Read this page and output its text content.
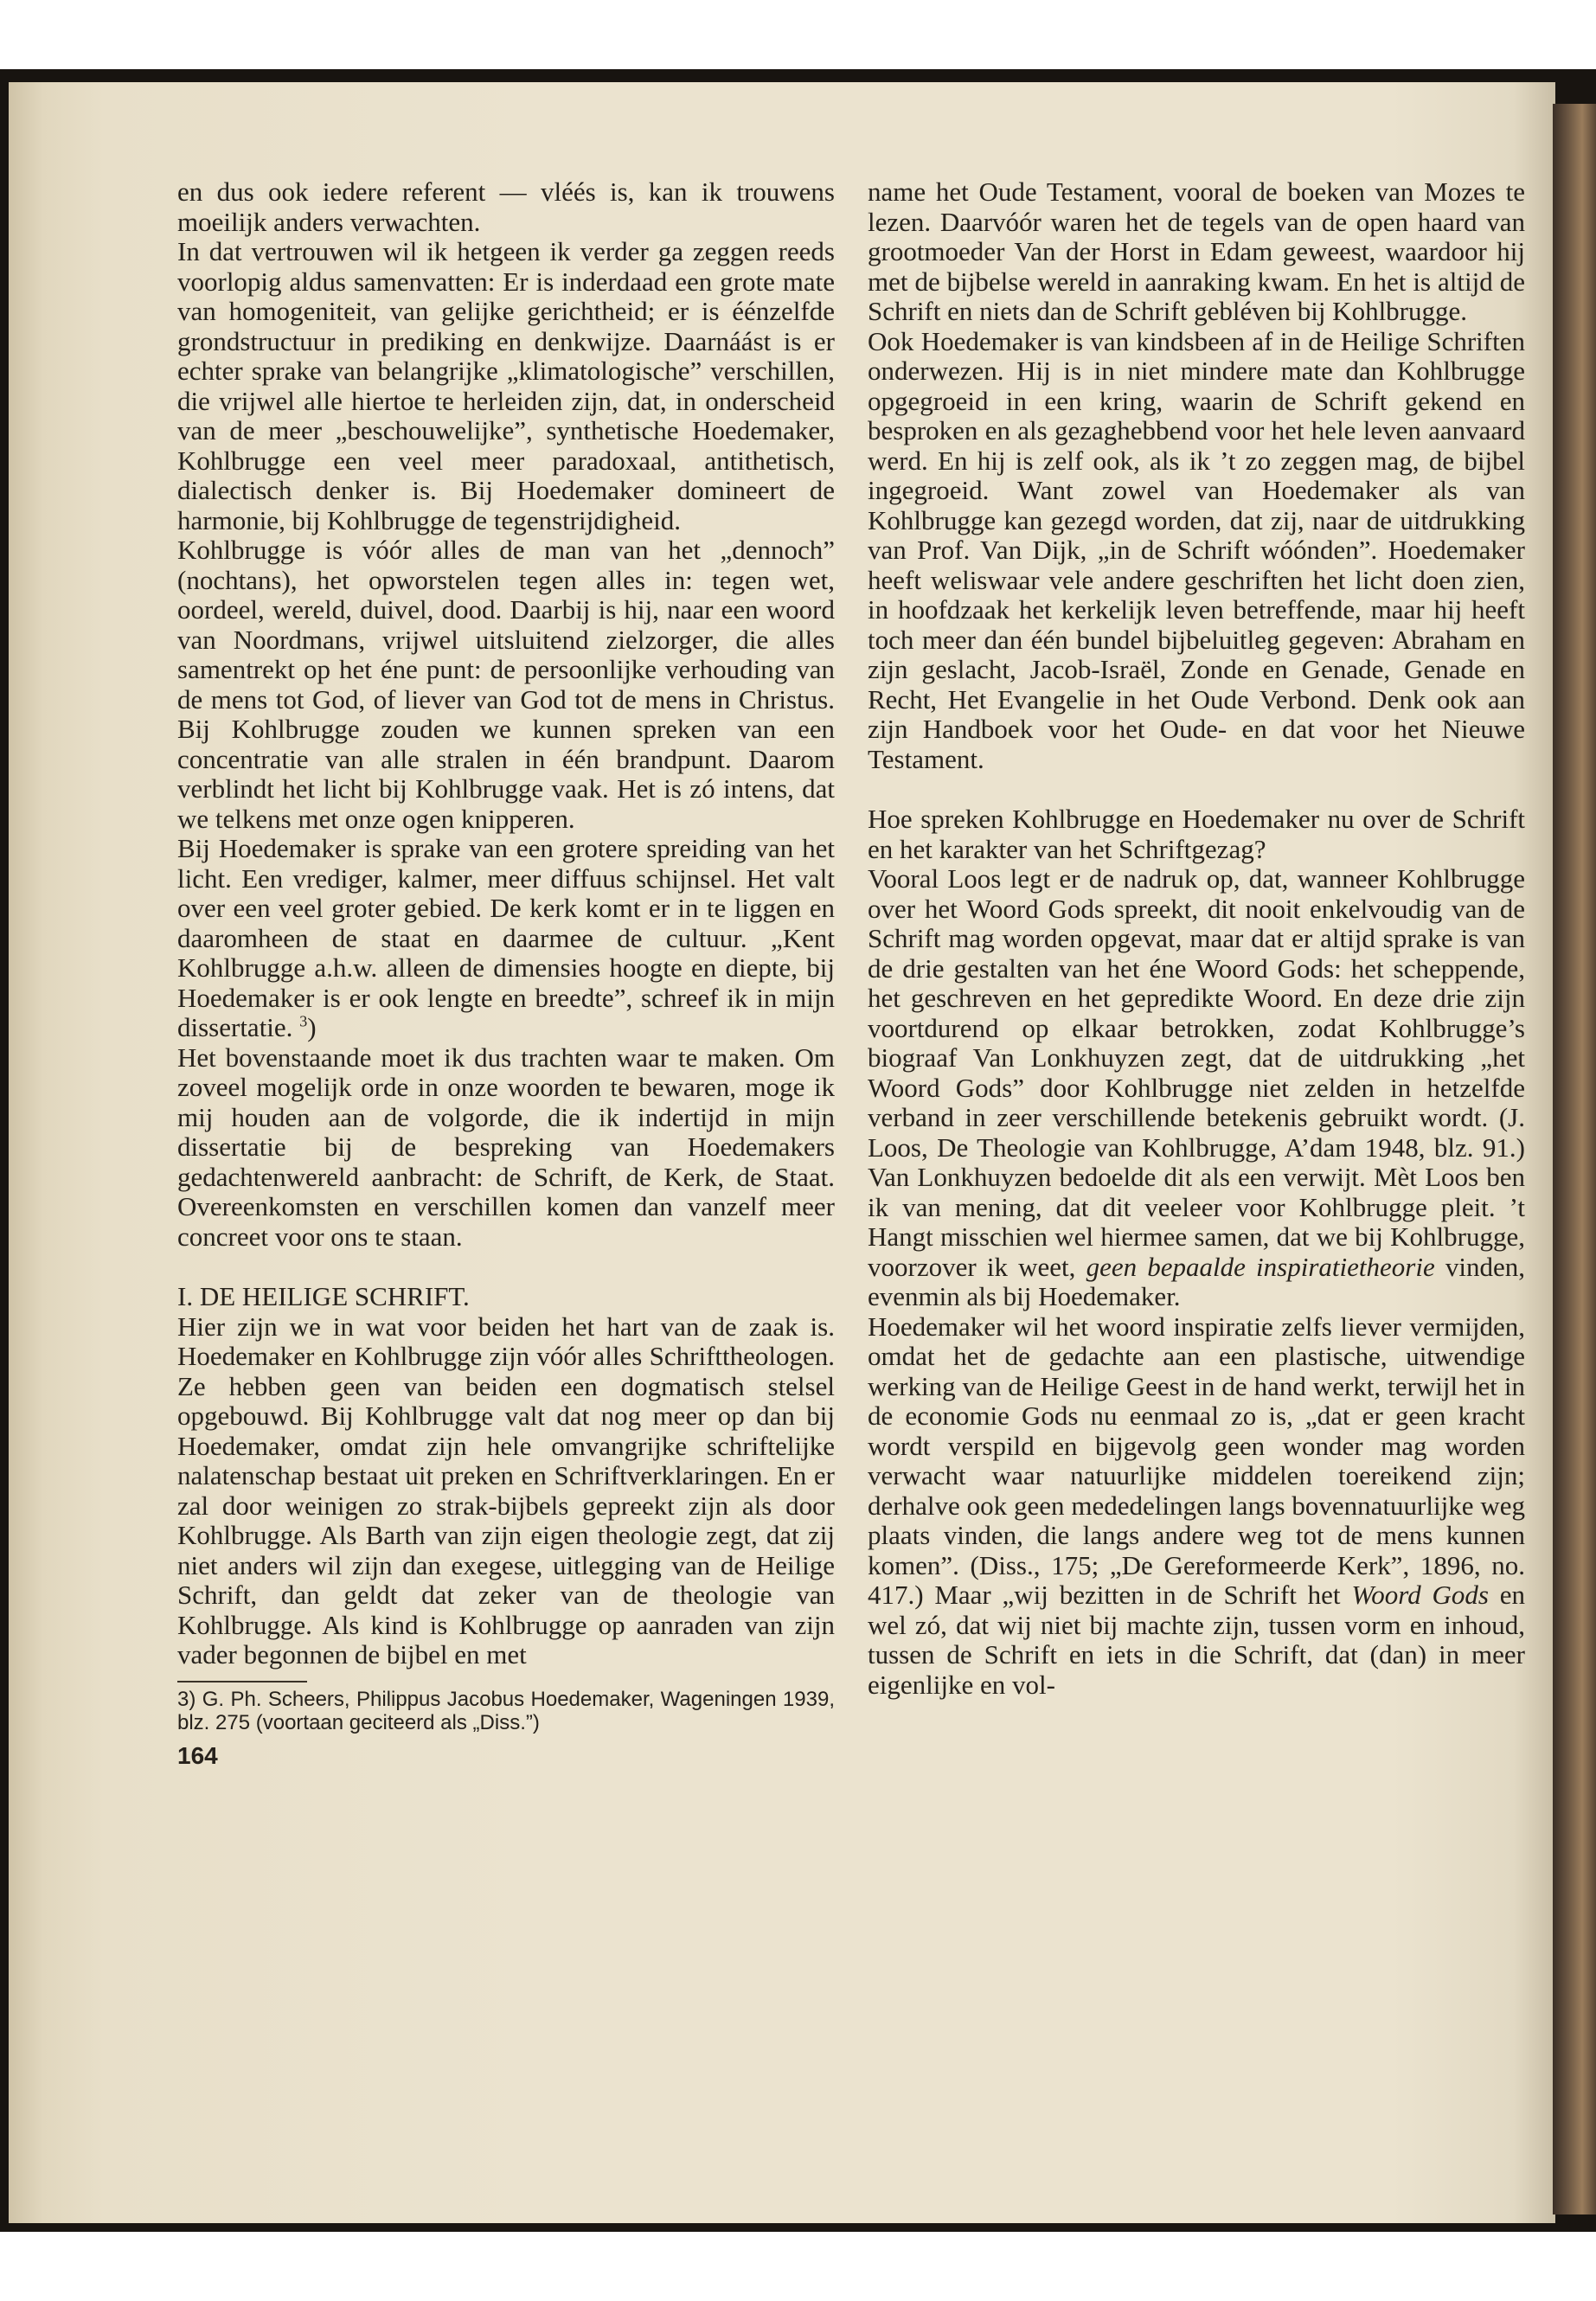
en dus ook iedere referent — vléés is, kan ik trouwens moeilijk anders verwachten.

In dat vertrouwen wil ik hetgeen ik verder ga zeggen reeds voorlopig aldus samenvatten: Er is inderdaad een grote mate van homogeniteit, van gelijke gerichtheid; er is éénzelfde grondstructuur in prediking en denkwijze. Daarnáást is er echter sprake van belangrijke „klimatologische” verschillen, die vrijwel alle hiertoe te herleiden zijn, dat, in onderscheid van de meer „beschouwelijke”, synthetische Hoedemaker, Kohlbrugge een veel meer paradoxaal, antithetisch, dialectisch denker is. Bij Hoedemaker domineert de harmonie, bij Kohlbrugge de tegenstrijdigheid.

Kohlbrugge is vóór alles de man van het „dennoch” (nochtans), het opworstelen tegen alles in: tegen wet, oordeel, wereld, duivel, dood. Daarbij is hij, naar een woord van Noordmans, vrijwel uitsluitend zielzorger, die alles samentrekt op het éne punt: de persoonlijke verhouding van de mens tot God, of liever van God tot de mens in Christus. Bij Kohlbrugge zouden we kunnen spreken van een concentratie van alle stralen in één brandpunt. Daarom verblindt het licht bij Kohlbrugge vaak. Het is zó intens, dat we telkens met onze ogen knipperen.

Bij Hoedemaker is sprake van een grotere spreiding van het licht. Een vrediger, kalmer, meer diffuus schijnsel. Het valt over een veel groter gebied. De kerk komt er in te liggen en daaromheen de staat en daarmee de cultuur. „Kent Kohlbrugge a.h.w. alleen de dimensies hoogte en diepte, bij Hoedemaker is er ook lengte en breedte”, schreef ik in mijn dissertatie. $^3$)

Het bovenstaande moet ik dus trachten waar te maken. Om zoveel mogelijk orde in onze woorden te bewaren, moge ik mij houden aan de volgorde, die ik indertijd in mijn dissertatie bij de bespreking van Hoedemakers gedachtenwereld aanbracht: de Schrift, de Kerk, de Staat. Overeenkomsten en verschillen komen dan vanzelf meer concreet voor ons te staan.

I. DE HEILIGE SCHRIFT.

Hier zijn we in wat voor beiden het hart van de zaak is. Hoedemaker en Kohlbrugge zijn vóór alles Schrifttheologen. Ze hebben geen van beiden een dogmatisch stelsel opgebouwd. Bij Kohlbrugge valt dat nog meer op dan bij Hoedemaker, omdat zijn hele omvangrijke schriftelijke nalatenschap bestaat uit preken en Schriftverklaringen. En er zal door weinigen zo strak-bijbels gepreekt zijn als door Kohlbrugge. Als Barth van zijn eigen theologie zegt, dat zij niet anders wil zijn dan exegese, uitlegging van de Heilige Schrift, dan geldt dat zeker van de theologie van Kohlbrugge. Als kind is Kohlbrugge op aanraden van zijn vader begonnen de bijbel en met

3) G. Ph. Scheers, Philippus Jacobus Hoedemaker, Wageningen 1939, blz. 275 (voortaan geciteerd als „Diss.”)

164

name het Oude Testament, vooral de boeken van Mozes te lezen. Daarvóór waren het de tegels van de open haard van grootmoeder Van der Horst in Edam geweest, waardoor hij met de bijbelse wereld in aanraking kwam. En het is altijd de Schrift en niets dan de Schrift gebléven bij Kohlbrugge.

Ook Hoedemaker is van kindsbeen af in de Heilige Schriften onderwezen. Hij is in niet mindere mate dan Kohlbrugge opgegroeid in een kring, waarin de Schrift gekend en besproken en als gezaghebbend voor het hele leven aanvaard werd. En hij is zelf ook, als ik ’t zo zeggen mag, de bijbel ingegroeid. Want zowel van Hoedemaker als van Kohlbrugge kan gezegd worden, dat zij, naar de uitdrukking van Prof. Van Dijk, „in de Schrift wóónden”. Hoedemaker heeft weliswaar vele andere geschriften het licht doen zien, in hoofdzaak het kerkelijk leven betreffende, maar hij heeft toch meer dan één bundel bijbeluitleg gegeven: Abraham en zijn geslacht, Jacob-Israël, Zonde en Genade, Genade en Recht, Het Evangelie in het Oude Verbond. Denk ook aan zijn Handboek voor het Oude- en dat voor het Nieuwe Testament.

Hoe spreken Kohlbrugge en Hoedemaker nu over de Schrift en het karakter van het Schriftgezag?

Vooral Loos legt er de nadruk op, dat, wanneer Kohlbrugge over het Woord Gods spreekt, dit nooit enkelvoudig van de Schrift mag worden opgevat, maar dat er altijd sprake is van de drie gestalten van het éne Woord Gods: het scheppende, het geschreven en het gepredikte Woord. En deze drie zijn voortdurend op elkaar betrokken, zodat Kohlbrugge’s biograaf Van Lonkhuyzen zegt, dat de uitdrukking „het Woord Gods” door Kohlbrugge niet zelden in hetzelfde verband in zeer verschillende betekenis gebruikt wordt. (J. Loos, De Theologie van Kohlbrugge, A’dam 1948, blz. 91.) Van Lonkhuyzen bedoelde dit als een verwijt. Mèt Loos ben ik van mening, dat dit veeleer voor Kohlbrugge pleit. ’t Hangt misschien wel hiermee samen, dat we bij Kohlbrugge, voorzover ik weet, geen bepaalde inspiratietheorie vinden, evenmin als bij Hoedemaker.

Hoedemaker wil het woord inspiratie zelfs liever vermijden, omdat het de gedachte aan een plastische, uitwendige werking van de Heilige Geest in de hand werkt, terwijl het in de economie Gods nu eenmaal zo is, „dat er geen kracht wordt verspild en bijgevolg geen wonder mag worden verwacht waar natuurlijke middelen toereikend zijn; derhalve ook geen mededelingen langs bovennatuurlijke weg plaats vinden, die langs andere weg tot de mens kunnen komen”. (Diss., 175; „De Gereformeerde Kerk”, 1896, no. 417.) Maar „wij bezitten in de Schrift het Woord Gods en wel zó, dat wij niet bij machte zijn, tussen vorm en inhoud, tussen de Schrift en iets in die Schrift, dat (dan) in meer eigenlijke en vol-
